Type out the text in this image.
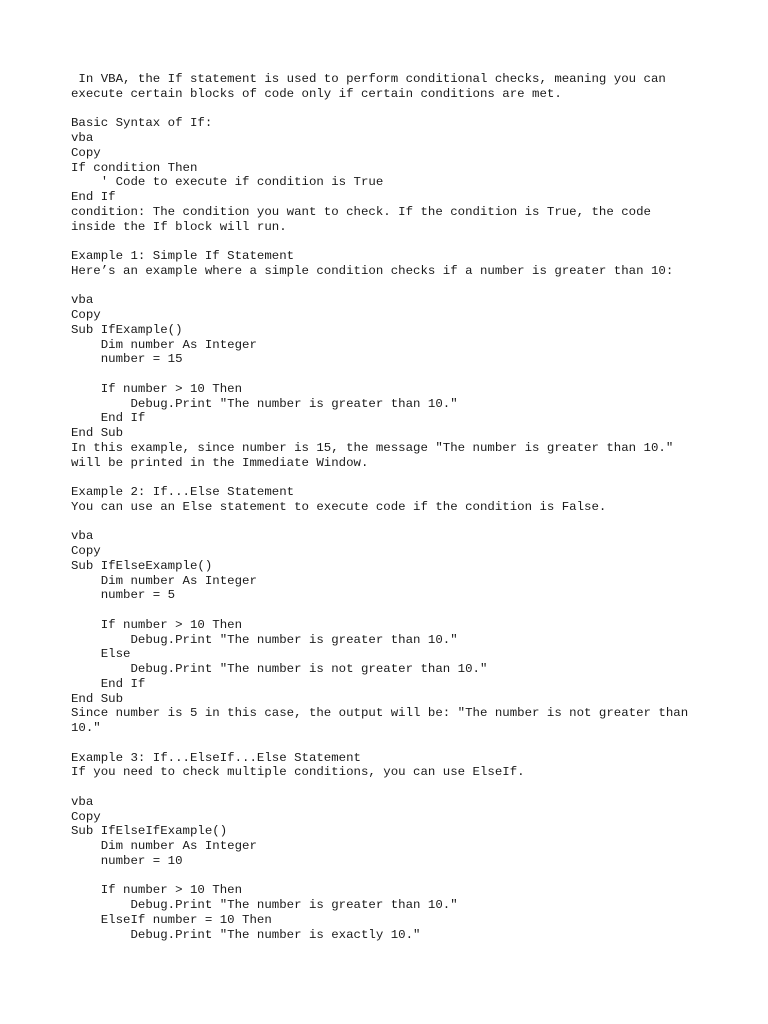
In VBA, the If statement is used to perform conditional checks, meaning you can
execute certain blocks of code only if certain conditions are met.
Basic Syntax of If:
vba
Copy
If condition Then
' Code to execute if condition is True
End If
condition: The condition you want to check. If the condition is True, the code
inside the If block will run.
Example 1: Simple If Statement
Here’s an example where a simple condition checks if a number is greater than 10:
vba
Copy
Sub IfExample()
Dim number As Integer
number = 15
If number > 10 Then
Debug.Print "The number is greater than 10."
End If
End Sub
In this example, since number is 15, the message "The number is greater than 10."
will be printed in the Immediate Window.
Example 2: If...Else Statement
You can use an Else statement to execute code if the condition is False.
vba
Copy
Sub IfElseExample()
Dim number As Integer
number = 5
If number > 10 Then
Debug.Print "The number is greater than 10."
Else
Debug.Print "The number is not greater than 10."
End If
End Sub
Since number is 5 in this case, the output will be: "The number is not greater than
10."
Example 3: If...ElseIf...Else Statement
If you need to check multiple conditions, you can use ElseIf.
vba
Copy
Sub IfElseIfExample()
Dim number As Integer
number = 10
If number > 10 Then
Debug.Print "The number is greater than 10."
ElseIf number = 10 Then
Debug.Print "The number is exactly 10."
